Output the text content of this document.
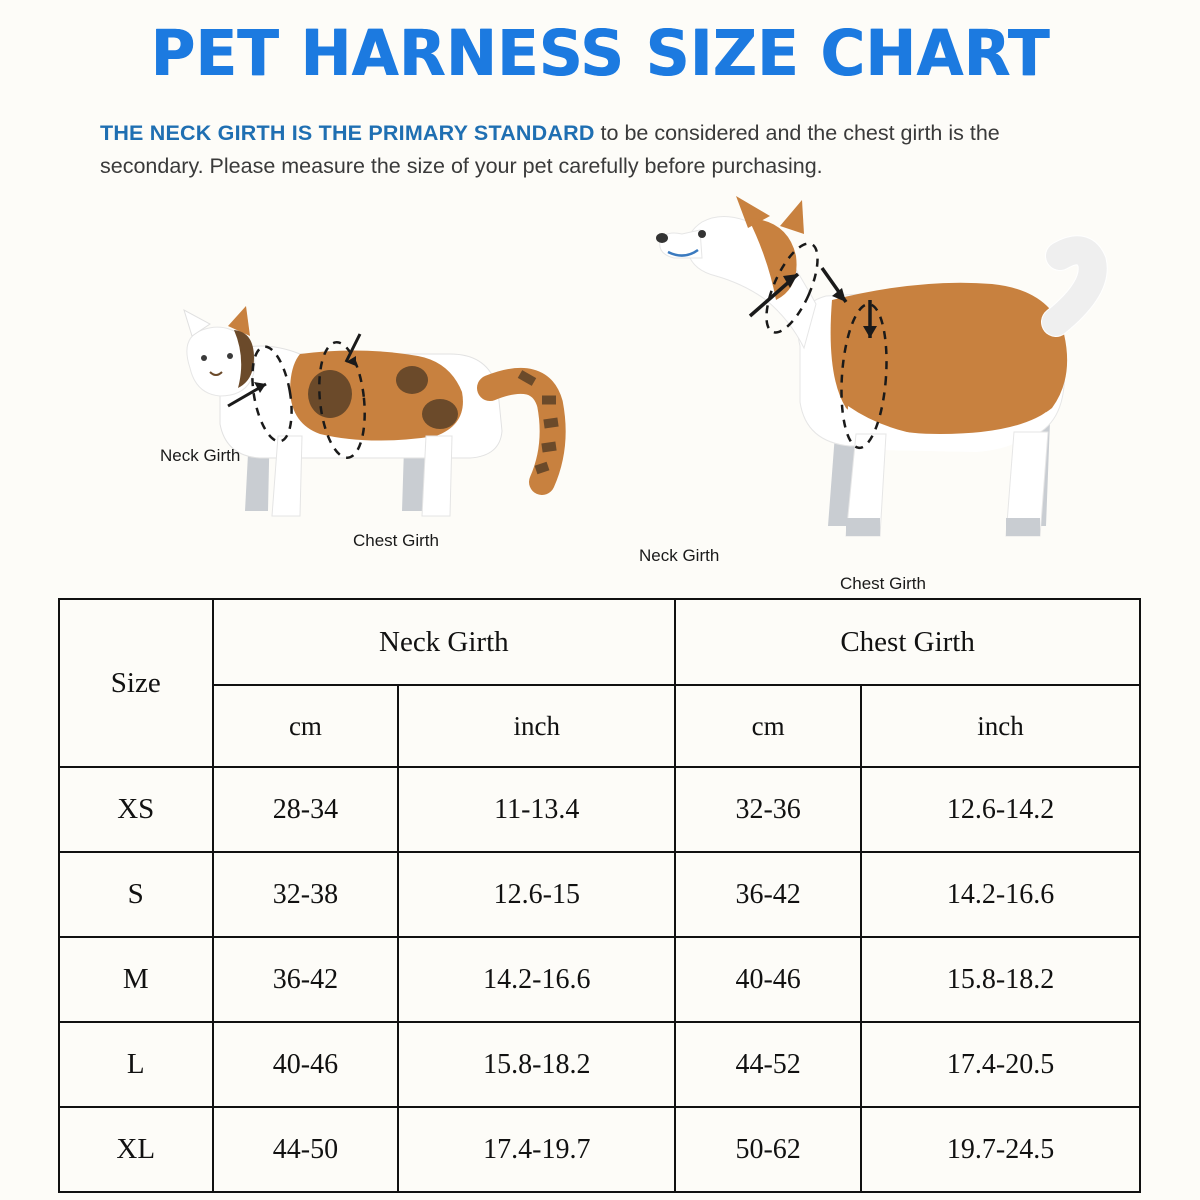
PET HARNESS SIZE CHART
THE NECK GIRTH IS THE PRIMARY STANDARD to be considered and the chest girth is the secondary. Please measure the size of your pet carefully before purchasing.
Neck Girth
Chest Girth
Neck Girth
Chest Girth
Size	Neck Girth		Chest Girth	
	cm	inch	cm	inch
XS	28-34	11-13.4	32-36	12.6-14.2
S	32-38	12.6-15	36-42	14.2-16.6
M	36-42	14.2-16.6	40-46	15.8-18.2
L	40-46	15.8-18.2	44-52	17.4-20.5
XL	44-50	17.4-19.7	50-62	19.7-24.5
